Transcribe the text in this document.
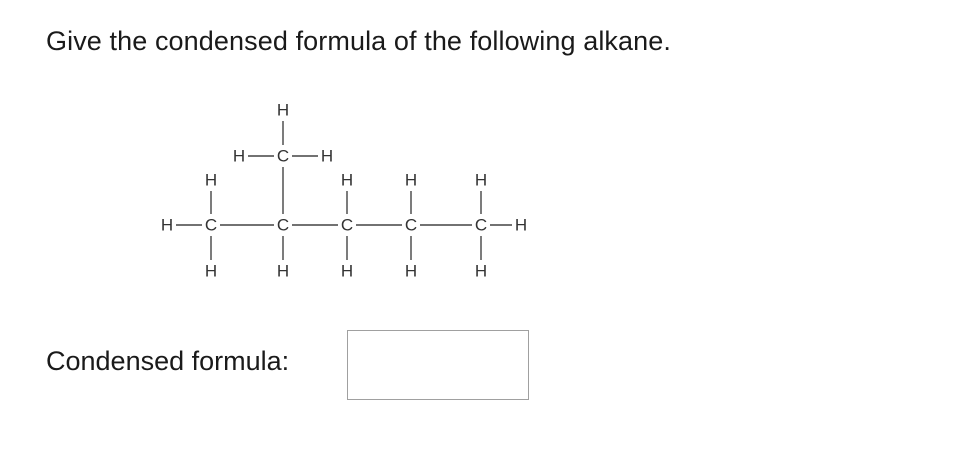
Give the condensed formula of the following alkane.
H
H C H
H	H	H	H
H C	C	C	C	C H
H	H	H	H	H
Condensed formula:
